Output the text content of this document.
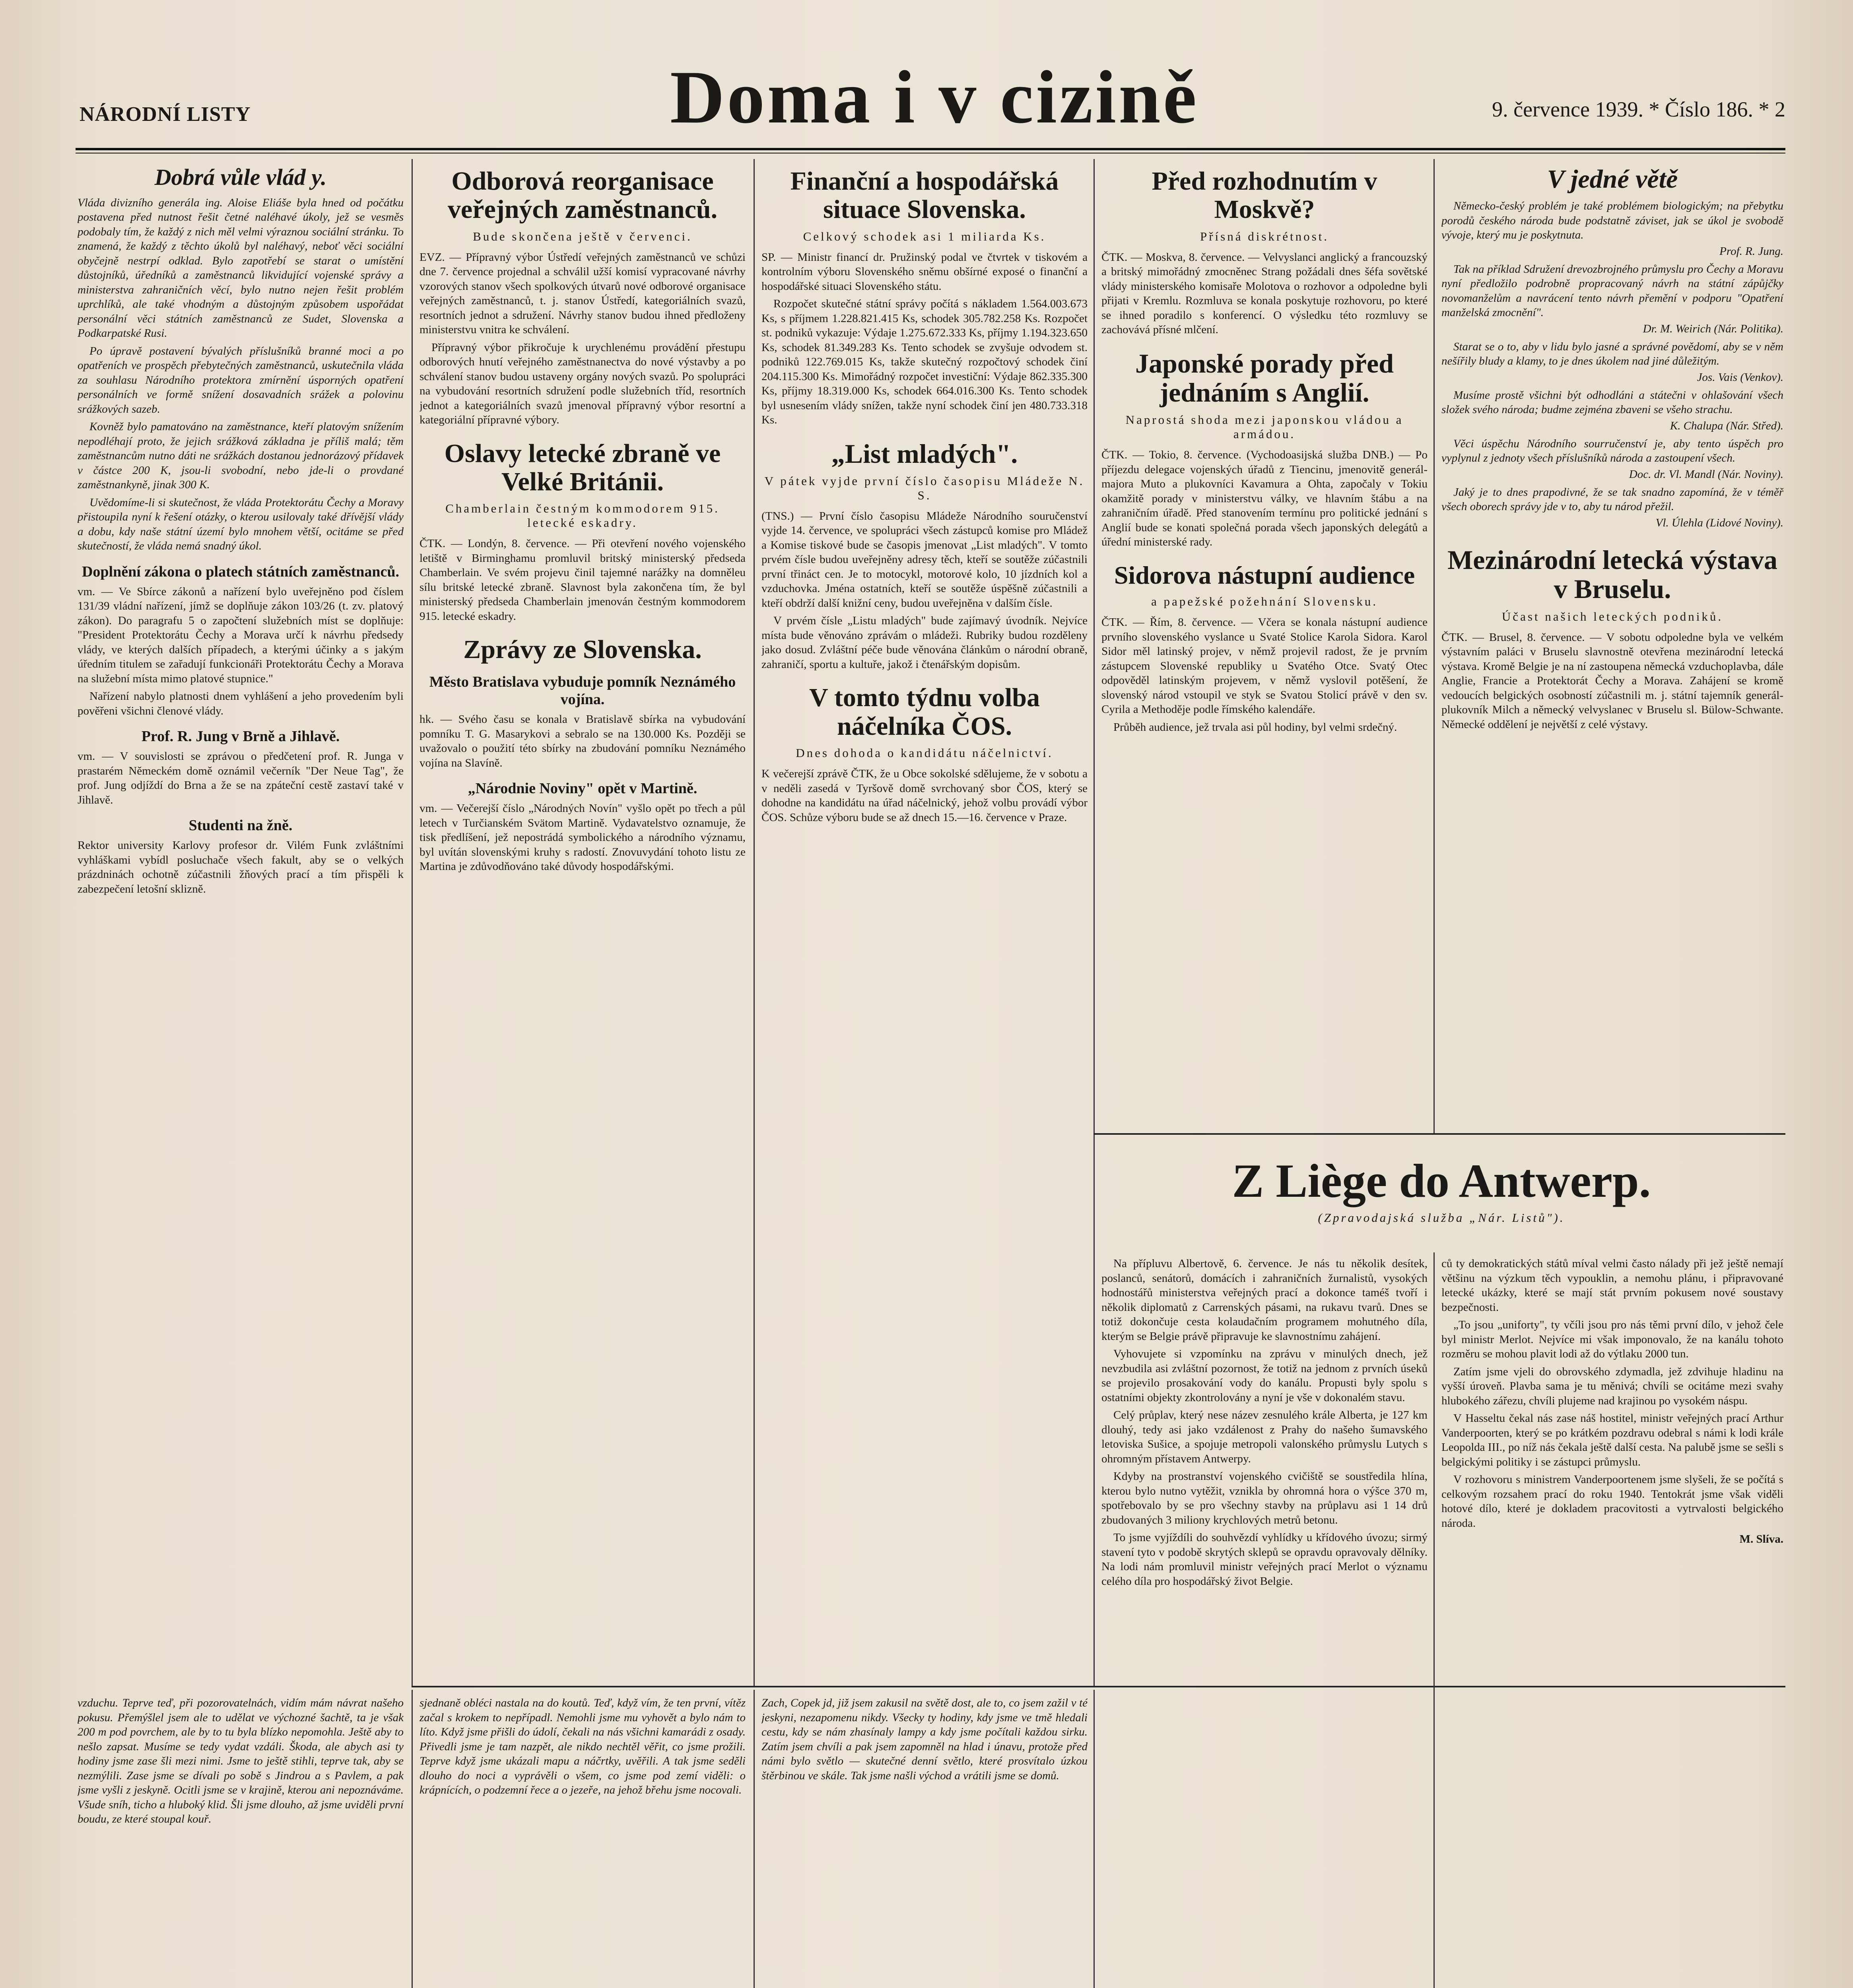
NÁRODNÍ LISTY	Doma i v cizině	9. července 1939. * Číslo 186. * 2
Dobrá vůle vlád y.

Vláda divizního generála ing. Aloise Eliáše byla hned od počátku postavena před nutnost řešit četné naléhavé úkoly, jež se vesměs podobaly tím, že každý z nich měl velmi výraznou sociální stránku. To znamená, že každý z těchto úkolů byl naléhavý, neboť věci sociální obyčejně nestrpí odklad. Bylo zapotřebí se starat o umístění důstojníků, úředníků a zaměstnanců likvidující vojenské správy a ministerstva zahraničních věcí, bylo nutno nejen řešit problém uprchlíků, ale také vhodným a důstojným způsobem uspořádat personální věci státních zaměstnanců ze Sudet, Slovenska a Podkarpatské Rusi.

Po úpravě postavení bývalých příslušníků branné moci a po opatřeních ve prospěch přebytečných zaměstnanců, uskutečnila vláda za souhlasu Národního protektora zmírnění úsporných opatření personálních ve formě snížení dosavadních srážek a polovinu srážkových sazeb.

Kovněž bylo pamatováno na zaměstnance, kteří platovým snížením nepodléhají proto, že jejich srážková základna je příliš malá; těm zaměstnancům nutno dáti ne srážkách dostanou jednorázový přídavek v částce 200 K, jsou-li svobodní, nebo jde-li o provdané zaměstnankyně, jinak 300 K.

Uvědomíme-li si skutečnost, že vláda Protektorátu Čechy a Moravy přistoupila nyní k řešení otázky, o kterou usilovaly také dřívější vlády a dobu, kdy naše státní území bylo mnohem větší, ocitáme se před skutečností, že vláda nemá snadný úkol.

Doplnění zákona o platech státních zaměstnanců.

vm. — Ve Sbírce zákonů a nařízení bylo uveřejněno pod číslem 131/39 vládní nařízení, jímž se doplňuje zákon 103/26 (t. zv. platový zákon). Do paragrafu 5 o započtení služebních míst se doplňuje: "President Protektorátu Čechy a Morava určí k návrhu předsedy vlády, ve kterých dalších případech, a kterými účinky a s jakým úředním titulem se zařadují funkcionáři Protektorátu Čechy a Morava na služební místa mimo platové stupnice."

Nařízení nabylo platnosti dnem vyhlášení a jeho provedením byli pověřeni všichni členové vlády.

Prof. R. Jung v Brně a Jihlavě.

vm. — V souvislosti se zprávou o předčetení prof. R. Junga v prastarém Německém domě oznámil večerník "Der Neue Tag", že prof. Jung odjíždí do Brna a že se na zpáteční cestě zastaví také v Jihlavě.

Studenti na žně.

Rektor university Karlovy profesor dr. Vilém Funk zvláštními vyhláškami vybídl posluchače všech fakult, aby se o velkých prázdninách ochotně zúčastnili žňových prací a tím přispěli k zabezpečení letošní sklizně.

Odborová reorganisace veřejných zaměstnanců.
Bude skončena ještě v červenci.

EVZ. — Přípravný výbor Ústředí veřejných zaměstnanců ve schůzi dne 7. července projednal a schválil užší komisí vypracované návrhy vzorových stanov všech spolkových útvarů nové odborové organisace veřejných zaměstnanců, t. j. stanov Ústředí, kategoriálních svazů, resortních jednot a sdružení. Návrhy stanov budou ihned předloženy ministerstvu vnitra ke schválení.

Přípravný výbor přikročuje k urychlenému provádění přestupu odborových hnutí veřejného zaměstnanectva do nové výstavby a po schválení stanov budou ustaveny orgány nových svazů. Po spolupráci na vybudování resortních sdružení podle služebních tříd, resortních jednot a kategoriálních svazů jmenoval přípravný výbor resortní a kategoriální přípravné výbory.

Oslavy letecké zbraně ve Velké Británii.
Chamberlain čestným kommodorem 915. letecké eskadry.

ČTK. — Londýn, 8. července. — Při otevření nového vojenského letiště v Birminghamu promluvil britský ministerský předseda Chamberlain. Ve svém projevu činil tajemné narážky na domněleu sílu britské letecké zbraně. Slavnost byla zakončena tím, že byl ministerský předseda Chamberlain jmenován čestným kommodorem 915. letecké eskadry.

Zprávy ze Slovenska.
Město Bratislava vybuduje pomník Neznámého vojína.

hk. — Svého času se konala v Bratislavě sbírka na vybudování pomníku T. G. Masarykovi a sebralo se na 130.000 Ks. Později se uvažovalo o použití této sbírky na zbudování pomníku Neznámého vojína na Slavíně.

„Národnie Noviny" opět v Martině.

vm. — Večerejší číslo „Národných Novín" vyšlo opět po třech a půl letech v Turčianském Svätom Martině. Vydavatelstvo oznamuje, že tisk předlíšení, jež nepostrádá symbolického a národního významu, byl uvítán slovenskými kruhy s radostí. Znovuvydání tohoto listu ze Martina je zdůvodňováno také důvody hospodářskými.

Finanční a hospodářská situace Slovenska.
Celkový schodek asi 1 miliarda Ks.

SP. — Ministr financí dr. Pružinský podal ve čtvrtek v tiskovém a kontrolním výboru Slovenského sněmu obšírné exposé o finanční a hospodářské situaci Slovenského státu.

Rozpočet skutečné státní správy počítá s nákladem 1.564.003.673 Ks, s příjmem 1.228.821.415 Ks, schodek 305.782.258 Ks. Rozpočet st. podniků vykazuje: Výdaje 1.275.672.333 Ks, příjmy 1.194.323.650 Ks, schodek 81.349.283 Ks. Tento schodek se zvyšuje odvodem st. podniků 122.769.015 Ks, takže skutečný rozpočtový schodek činí 204.115.300 Ks. Mimořádný rozpočet investiční: Výdaje 862.335.300 Ks, příjmy 18.319.000 Ks, schodek 664.016.300 Ks. Tento schodek byl usnesením vlády snížen, takže nyní schodek činí jen 480.733.318 Ks.

„List mladých".
V pátek vyjde první číslo časopisu Mládeže N. S.

(TNS.) — První číslo časopisu Mládeže Národního souručenství vyjde 14. července, ve spolupráci všech zástupců komise pro Mládež a Komise tiskové bude se časopis jmenovat „List mladých". V tomto prvém čísle budou uveřejněny adresy těch, kteří se soutěže zúčastnili první třináct cen. Je to motocykl, motorové kolo, 10 jízdních kol a vzduchovka. Jména ostatních, kteří se soutěže úspěšně zúčastnili a kteří obdrží další knižní ceny, budou uveřejněna v dalším čísle.

V prvém čísle „Listu mladých" bude zajímavý úvodník. Nejvíce místa bude věnováno zprávám o mládeži. Rubriky budou rozděleny jako dosud. Zvláštní péče bude věnována článkům o národní obraně, zahraničí, sportu a kultuře, jakož i čtenářským dopisům.

V tomto týdnu volba náčelníka ČOS.
Dnes dohoda o kandidátu náčelnictví.

K večerejší zprávě ČTK, že u Obce sokolské sdělujeme, že v sobotu a v neděli zasedá v Tyršově domě svrchovaný sbor ČOS, který se dohodne na kandidátu na úřad náčelnický, jehož volbu provádí výbor ČOS. Schůze výboru bude se až dnech 15.—16. července v Praze.

Před rozhodnutím v Moskvě?
Přísná diskrétnost.

ČTK. — Moskva, 8. července. — Velvyslanci anglický a francouzský a britský mimořádný zmocněnec Strang požádali dnes šéfa sovětské vlády ministerského komisaře Molotova o rozhovor a odpoledne byli přijati v Kremlu. Rozmluva se konala poskytuje rozhovoru, po které se ihned poradilo s konferencí. O výsledku této rozmluvy se zachovává přísné mlčení.

Japonské porady před jednáním s Anglií.
Naprostá shoda mezi japonskou vládou a armádou.

ČTK. — Tokio, 8. července. (Vychodoasijská služba DNB.) — Po příjezdu delegace vojenských úřadů z Tiencinu, jmenovitě generál-majora Muto a plukovníci Kavamura a Ohta, započaly v Tokiu okamžitě porady v ministerstvu války, ve hlavním štábu a na zahraničním úřadě. Před stanovením termínu pro politické jednání s Anglií bude se konati společná porada všech japonských delegátů a úřední ministerské rady.

Sidorova nástupní audience
a papežské požehnání Slovensku.

ČTK. — Řím, 8. července. — Včera se konala nástupní audience prvního slovenského vyslance u Svaté Stolice Karola Sidora. Karol Sidor měl latinský projev, v němž projevil radost, že je prvním zástupcem Slovenské republiky u Svatého Otce. Svatý Otec odpověděl latinským projevem, v němž vyslovil potěšení, že slovenský národ vstoupil ve styk se Svatou Stolicí právě v den sv. Cyrila a Methoděje podle římského kalendáře.

Průběh audience, jež trvala asi půl hodiny, byl velmi srdečný.

V jedné větě

Německo-český problém je také problémem biologickým; na přebytku porodů českého národa bude podstatně záviset, jak se úkol je svobodě vývoje, který mu je poskytnuta.

Prof. R. Jung.

Tak na příklad Sdružení drevozbrojného průmyslu pro Čechy a Moravu nyní předložilo podrobně propracovaný návrh na státní zápůjčky novomanželům a navrácení tento návrh přemění v podporu "Opatření manželská zmocnění".

Dr. M. Weirich (Nár. Politika).

Starat se o to, aby v lidu bylo jasné a správné povědomí, aby se v něm nešířily bludy a klamy, to je dnes úkolem nad jiné důležitým.

Jos. Vais (Venkov).

Musíme prostě všichni být odhodláni a státečni v ohlašování všech složek svého národa; budme zejména zbaveni se všeho strachu.

K. Chalupa (Nár. Střed).

Věci úspěchu Národního sourručenství je, aby tento úspěch pro vyplynul z jednoty všech příslušníků národa a zastoupení všech.

Doc. dr. Vl. Mandl (Nár. Noviny).

Jaký je to dnes prapodivné, že se tak snadno zapomíná, že v téměř všech oborech správy jde v to, aby tu národ přežil.

Vl. Úlehla (Lidové Noviny).
Mezinárodní letecká výstava v Bruselu.
Účast našich leteckých podniků.

ČTK. — Brusel, 8. července. — V sobotu odpoledne byla ve velkém výstavním paláci v Bruselu slavnostně otevřena mezinárodní letecká výstava. Kromě Belgie je na ní zastoupena německá vzduchoplavba, dále Anglie, Francie a Protektorát Čechy a Morava. Zahájení se kromě vedoucích belgických osobností zúčastnili m. j. státní tajemník generál-plukovník Milch a německý velvyslanec v Bruselu sl. Bülow-Schwante. Německé oddělení je největší z celé výstavy.

Z Liège do Antwerp.
(Zpravodajská služba „Nár. Listů").

Na přípluvu Albertově, 6. července. Je nás tu několik desítek, poslanců, senátorů, domácích i zahraničních žurnalistů, vysokých hodnostářů ministerstva veřejných prací a dokonce taméš tvoří i několik diplomatů z Carrenských pásami, na rukavu tvarů. Dnes se totiž dokončuje cesta kolaudačním programem mohutného díla, kterým se Belgie právě připravuje ke slavnostnímu zahájení.

Vyhovujete si vzpomínku na zprávu v minulých dnech, jež nevzbudila asi zvláštní pozornost, že totiž na jednom z prvních úseků se projevilo prosakování vody do kanálu. Propusti byly spolu s ostatními objekty zkontrolovány a nyní je vše v dokonalém stavu.

Celý průplav, který nese název zesnulého krále Alberta, je 127 km dlouhý, tedy asi jako vzdálenost z Prahy do našeho šumavského letoviska Sušice, a spojuje metropoli valonského průmyslu Lutych s ohromným přístavem Antwerpy.

Kdyby na prostranství vojenského cvičiště se soustředila hlína, kterou bylo nutno vytěžit, vznikla by ohromná hora o výšce 370 m, spotřebovalo by se pro všechny stavby na průplavu asi 1 14 drů zbudovaných 3 miliony krychlových metrů betonu.

To jsme vyjíždíli do souhvězdí vyhlídky u křídového úvozu; sirmý stavení tyto v podobě skrytých sklepů se opravdu opravovaly dělníky. Na lodi nám promluvil ministr veřejných prací Merlot o významu celého díla pro hospodářský život Belgie.

ců ty demokratických států míval velmi často nálady při jež ještě nemají většinu na výzkum těch vypouklin, a nemohu plánu, i připravované letecké ukázky, které se mají stát prvním pokusem nové soustavy bezpečnosti.

„To jsou „uniforty", ty včíli jsou pro nás těmi první dílo, v jehož čele byl ministr Merlot. Nejvíce mi však imponovalo, že na kanálu tohoto rozměru se mohou plavit lodi až do výtlaku 2000 tun.

Zatím jsme vjeli do obrovského zdymadla, jež zdvihuje hladinu na vyšší úroveň. Plavba sama je tu měnivá; chvíli se ocitáme mezi svahy hlubokého zářezu, chvíli plujeme nad krajinou po vysokém náspu.

V Hasseltu čekal nás zase náš hostitel, ministr veřejných prací Arthur Vanderpoorten, který se po krátkém pozdravu odebral s námi k lodi krále Leopolda III., po níž nás čekala ještě další cesta. Na palubě jsme se sešli s belgickými politiky i se zástupci průmyslu.

V rozhovoru s ministrem Vanderpoortenem jsme slyšeli, že se počítá s celkovým rozsahem prací do roku 1940. Tentokrát jsme však viděli hotové dílo, které je dokladem pracovitosti a vytrvalosti belgického národa.

M. Slíva.

vzduchu. Teprve teď, při pozorovatelnách, vidím mám návrat našeho pokusu. Přemýšlel jsem ale to udělat ve výchozné šachtě, ta je však 200 m pod povrchem, ale by to tu byla blízko nepomohla. Ještě aby to nešlo zapsat. Musíme se tedy vydat vzdáli. Škoda, ale abych asi ty hodiny jsme zase šli mezi nimi. Jsme to ještě stihli, teprve tak, aby se nezmýlili. Zase jsme se dívali po sobě s Jindrou a s Pavlem, a pak jsme vyšli z jeskyně. Ocitli jsme se v krajině, kterou ani nepoznáváme. Všude sníh, ticho a hluboký klid. Šli jsme dlouho, až jsme uviděli první boudu, ze které stoupal kouř.

sjednaně obléci nastala na do koutů. Teď, když vím, že ten první, vítěz začal s krokem to nepřípadl. Nemohli jsme mu vyhovět a bylo nám to líto. Když jsme přišli do údolí, čekali na nás všichni kamarádi z osady. Přivedli jsme je tam nazpět, ale nikdo nechtěl věřit, co jsme prožili. Teprve když jsme ukázali mapu a náčrtky, uvěřili. A tak jsme seděli dlouho do noci a vyprávěli o všem, co jsme pod zemí viděli: o krápnících, o podzemní řece a o jezeře, na jehož břehu jsme nocovali.

Zach, Copek jd, již jsem zakusil na světě dost, ale to, co jsem zažil v té jeskyni, nezapomenu nikdy. Všecky ty hodiny, kdy jsme ve tmě hledali cestu, kdy se nám zhasínaly lampy a kdy jsme počítali každou sirku. Zatím jsem chvíli a pak jsem zapomněl na hlad i únavu, protože před námi bylo světlo — skutečné denní světlo, které prosvítalo úzkou štěrbinou ve skále. Tak jsme našli východ a vrátili jsme se domů.
